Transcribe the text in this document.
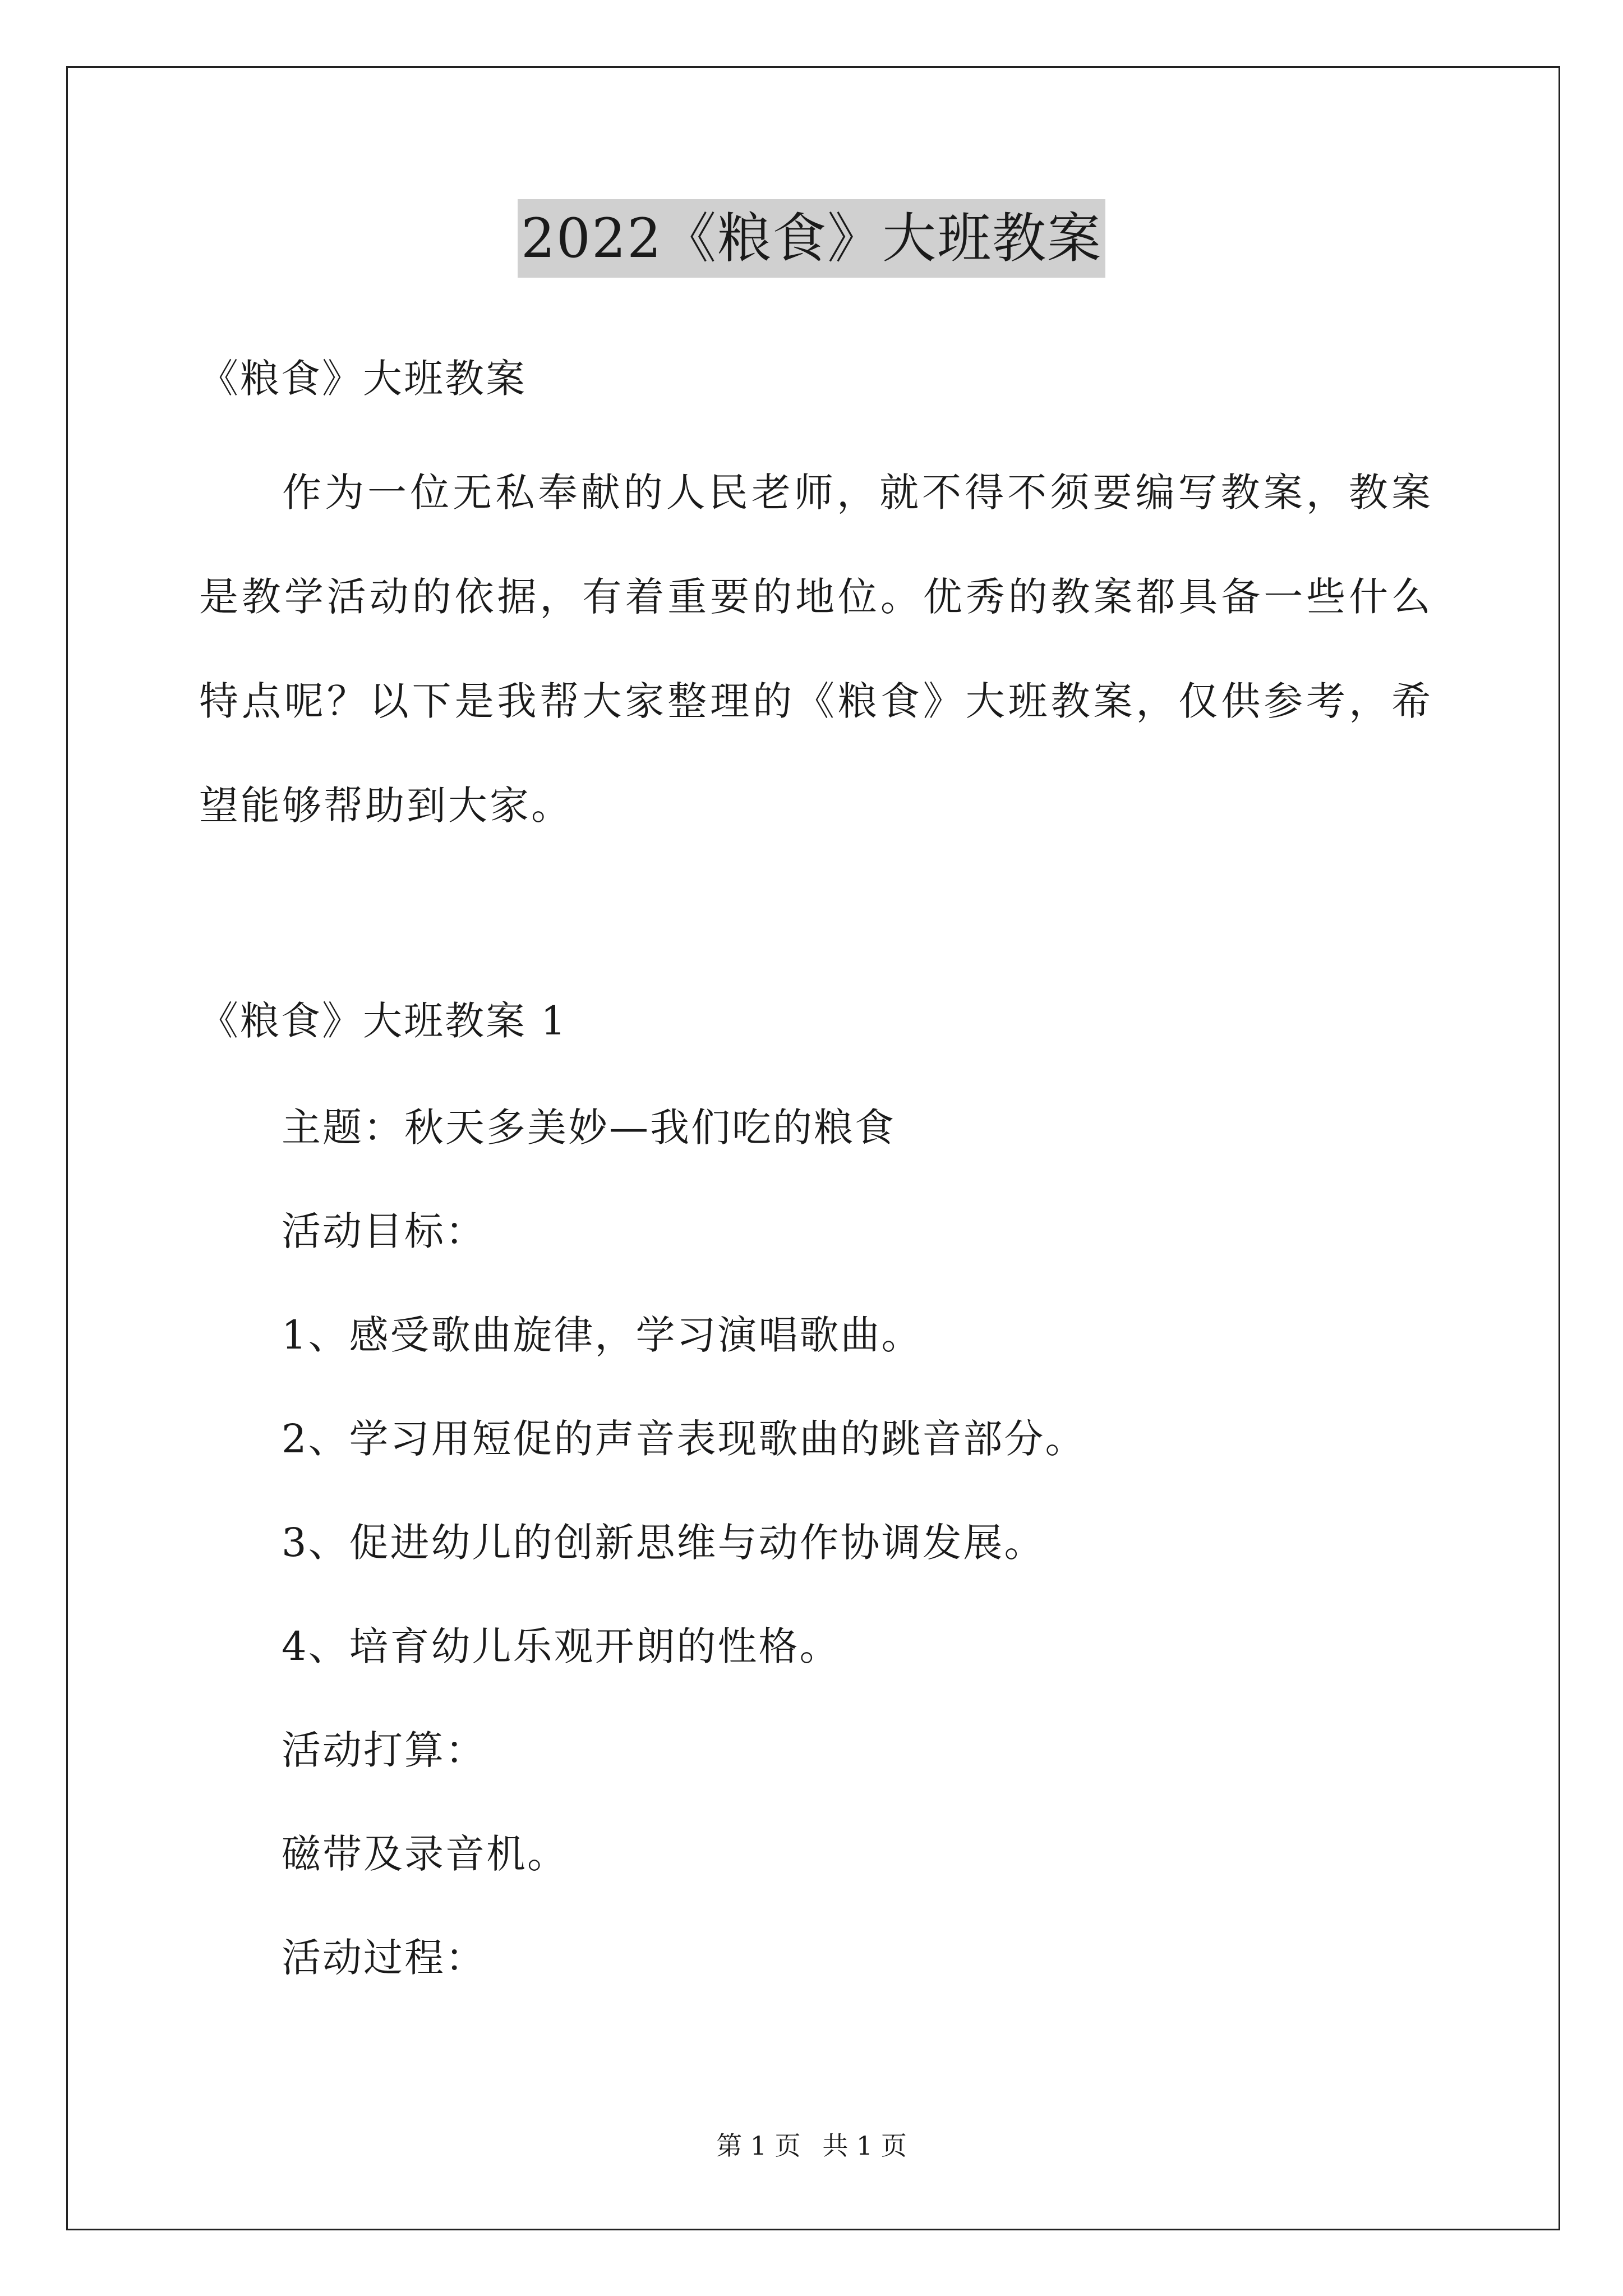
2022《粮食》大班教案
《粮食》大班教案
作为一位无私奉献的人民老师，就不得不须要编写教案，教案是教学活动的依据，有着重要的地位。优秀的教案都具备一些什么特点呢？以下是我帮大家整理的《粮食》大班教案，仅供参考，希望能够帮助到大家。
《粮食》大班教案 1
主题：秋天多美妙—我们吃的粮食
活动目标：
1、感受歌曲旋律，学习演唱歌曲。
2、学习用短促的声音表现歌曲的跳音部分。
3、促进幼儿的创新思维与动作协调发展。
4、培育幼儿乐观开朗的性格。
活动打算：
磁带及录音机。
活动过程：
第 1 页 共 1 页
